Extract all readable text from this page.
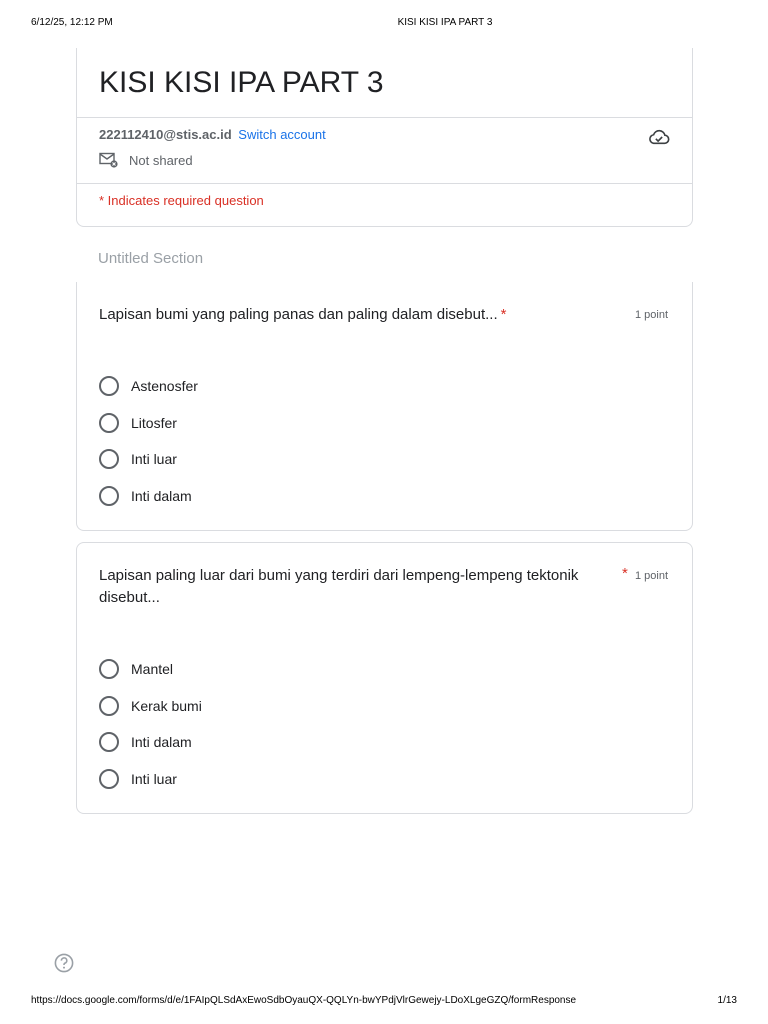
6/12/25, 12:12 PM	KISI KISI IPA PART 3
KISI KISI IPA PART 3
222112410@stis.ac.id Switch account
Not shared
* Indicates required question
Untitled Section
Lapisan bumi yang paling panas dan paling dalam disebut... *	1 point
Astenosfer
Litosfer
Inti luar
Inti dalam
Lapisan paling luar dari bumi yang terdiri dari lempeng-lempeng tektonik disebut...
* 1 point
Mantel
Kerak bumi
Inti dalam
Inti luar
https://docs.google.com/forms/d/e/1FAIpQLSdAxEwoSdbOyauQX-QQLYn-bwYPdjVlrGewejy-LDoXLgeGZQ/formResponse	1/13
